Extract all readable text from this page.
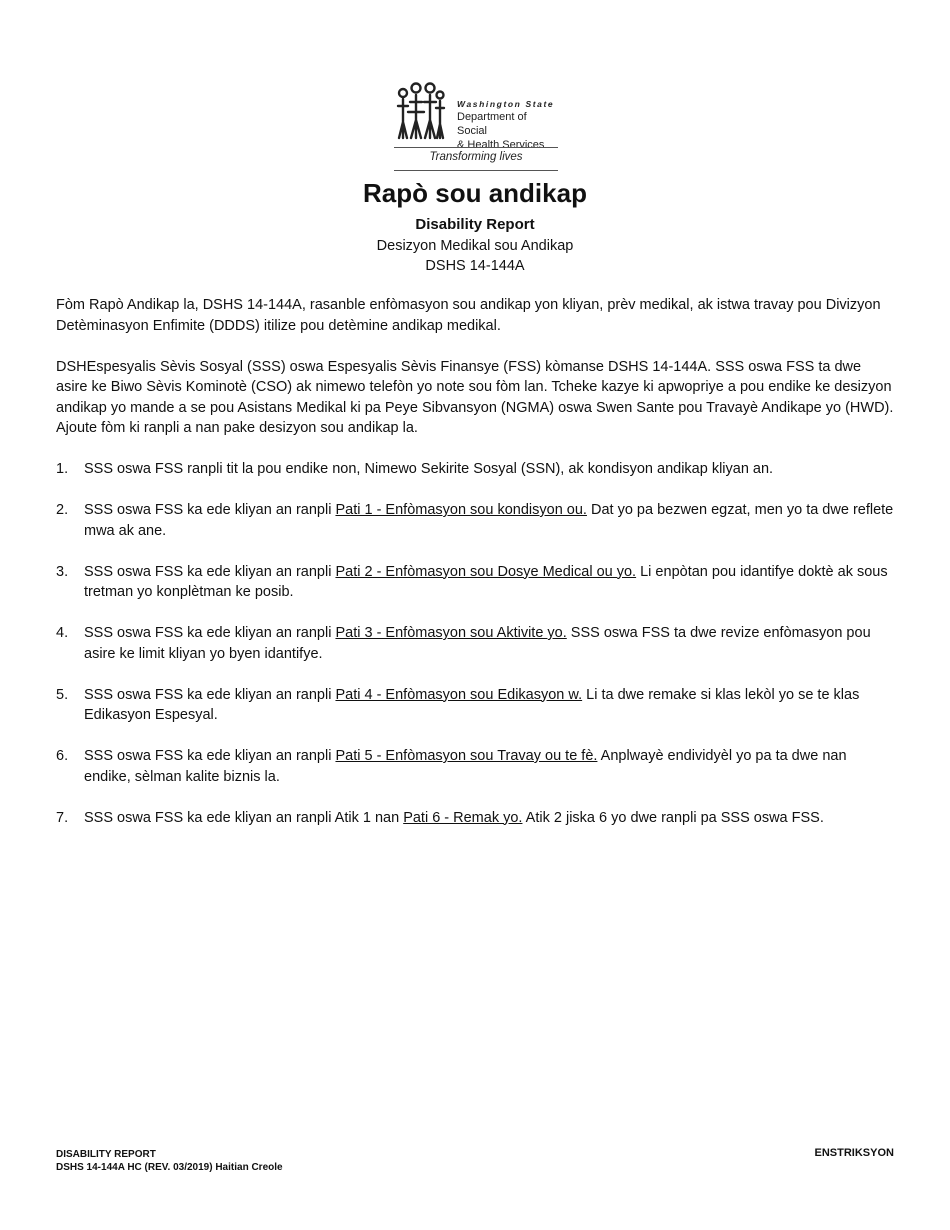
Washington State
Department of Social
& Health Services
Transforming lives
Rapò sou andikap
Disability Report
Desizyon Medikal sou Andikap
DSHS 14-144A

Fòm Rapò Andikap la, DSHS 14-144A, rasanble enfòmasyon sou andikap yon kliyan, prèv medikal, ak istwa travay pou Divizyon Detèminasyon Enfimite (DDDS) itilize pou detèmine andikap medikal.

DSHEspesyalis Sèvis Sosyal (SSS) oswa Espesyalis Sèvis Finansye (FSS) kòmanse DSHS 14-144A. SSS oswa FSS ta dwe asire ke Biwo Sèvis Kominotè (CSO) ak nimewo telefòn yo note sou fòm lan. Tcheke kazye ki apwopriye a pou endike ke desizyon andikap yo mande a se pou Asistans Medikal ki pa Peye Sibvansyon (NGMA) oswa Swen Sante pou Travayè Andikape yo (HWD). Ajoute fòm ki ranpli a nan pake desizyon sou andikap la.

1. SSS oswa FSS ranpli tit la pou endike non, Nimewo Sekirite Sosyal (SSN), ak kondisyon andikap kliyan an.
2. SSS oswa FSS ka ede kliyan an ranpli Pati 1 - Enfòmasyon sou kondisyon ou. Dat yo pa bezwen egzat, men yo ta dwe reflete mwa ak ane.
3. SSS oswa FSS ka ede kliyan an ranpli Pati 2 - Enfòmasyon sou Dosye Medical ou yo. Li enpòtan pou idantifye doktè ak sous tretman yo konplètman ke posib.
4. SSS oswa FSS ka ede kliyan an ranpli Pati 3 - Enfòmasyon sou Aktivite yo. SSS oswa FSS ta dwe revize enfòmasyon pou asire ke limit kliyan yo byen idantifye.
5. SSS oswa FSS ka ede kliyan an ranpli Pati 4 - Enfòmasyon sou Edikasyon w. Li ta dwe remake si klas lekòl yo se te klas Edikasyon Espesyal.
6. SSS oswa FSS ka ede kliyan an ranpli Pati 5 - Enfòmasyon sou Travay ou te fè. Anplwayè endividyèl yo pa ta dwe nan endike, sèlman kalite biznis la.
7. SSS oswa FSS ka ede kliyan an ranpli Atik 1 nan Pati 6 - Remak yo. Atik 2 jiska 6 yo dwe ranpli pa SSS oswa FSS.
DISABILITY REPORT
DSHS 14-144A HC (REV. 03/2019) Haitian Creole
ENSTRIKSYON
